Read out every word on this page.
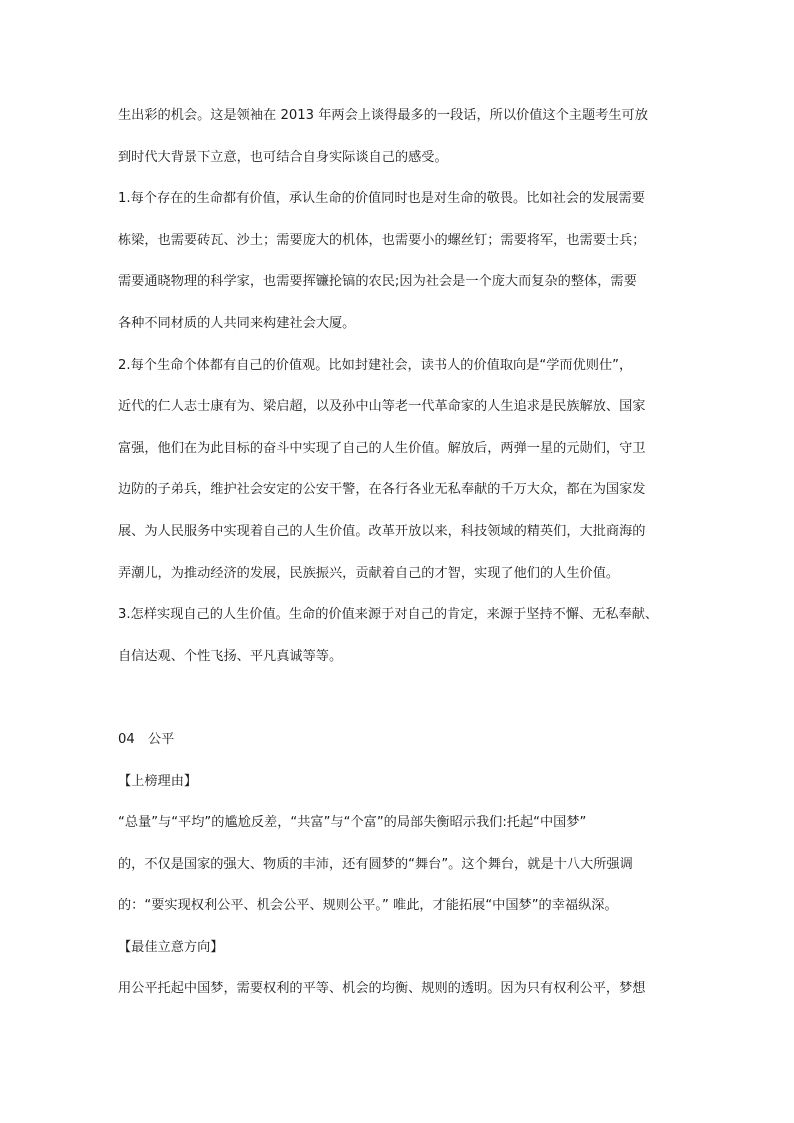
生出彩的机会。这是领袖在 2013 年两会上谈得最多的一段话，所以价值这个主题考生可放
到时代大背景下立意，也可结合自身实际谈自己的感受。
1.每个存在的生命都有价值，承认生命的价值同时也是对生命的敬畏。比如社会的发展需要
栋梁，也需要砖瓦、沙土；需要庞大的机体，也需要小的螺丝钉；需要将军，也需要士兵；
需要通晓物理的科学家，也需要挥镰抡镐的农民;因为社会是一个庞大而复杂的整体，需要
各种不同材质的人共同来构建社会大厦。
2.每个生命个体都有自己的价值观。比如封建社会，读书人的价值取向是“学而优则仕”，
近代的仁人志士康有为、梁启超，以及孙中山等老一代革命家的人生追求是民族解放、国家
富强，他们在为此目标的奋斗中实现了自己的人生价值。解放后，两弹一星的元勋们，守卫
边防的子弟兵，维护社会安定的公安干警，在各行各业无私奉献的千万大众，都在为国家发
展、为人民服务中实现着自己的人生价值。改革开放以来，科技领域的精英们，大批商海的
弄潮儿，为推动经济的发展，民族振兴，贡献着自己的才智，实现了他们的人生价值。
3.怎样实现自己的人生价值。生命的价值来源于对自己的肯定，来源于坚持不懈、无私奉献、
自信达观、个性飞扬、平凡真诚等等。
04　公平
【上榜理由】
“总量”与“平均”的尴尬反差，“共富”与“个富”的局部失衡昭示我们:托起“中国梦”
的，不仅是国家的强大、物质的丰沛，还有圆梦的“舞台”。这个舞台，就是十八大所强调
的：“要实现权利公平、机会公平、规则公平。” 唯此，才能拓展“中国梦”的幸福纵深。
【最佳立意方向】
用公平托起中国梦，需要权利的平等、机会的均衡、规则的透明。因为只有权利公平，梦想
